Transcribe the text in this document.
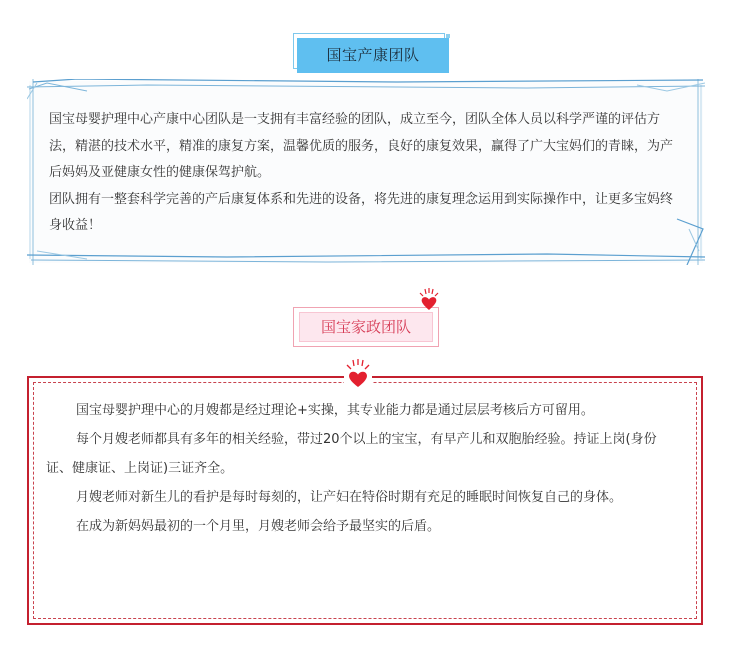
国宝产康团队

国宝母婴护理中心产康中心团队是一支拥有丰富经验的团队，成立至今，团队全体人员以科学严谨的评估方法，精湛的技术水平，精准的康复方案，温馨优质的服务，良好的康复效果，赢得了广大宝妈们的青睐，为产后妈妈及亚健康女性的健康保驾护航。

团队拥有一整套科学完善的产后康复体系和先进的设备，将先进的康复理念运用到实际操作中，让更多宝妈终身收益！

国宝家政团队

国宝母婴护理中心的月嫂都是经过理论+实操，其专业能力都是通过层层考核后方可留用。

每个月嫂老师都具有多年的相关经验，带过20个以上的宝宝，有早产儿和双胞胎经验。持证上岗(身份证、健康证、上岗证)三证齐全。

月嫂老师对新生儿的看护是每时每刻的，让产妇在特俗时期有充足的睡眠时间恢复自己的身体。

在成为新妈妈最初的一个月里，月嫂老师会给予最坚实的后盾。
